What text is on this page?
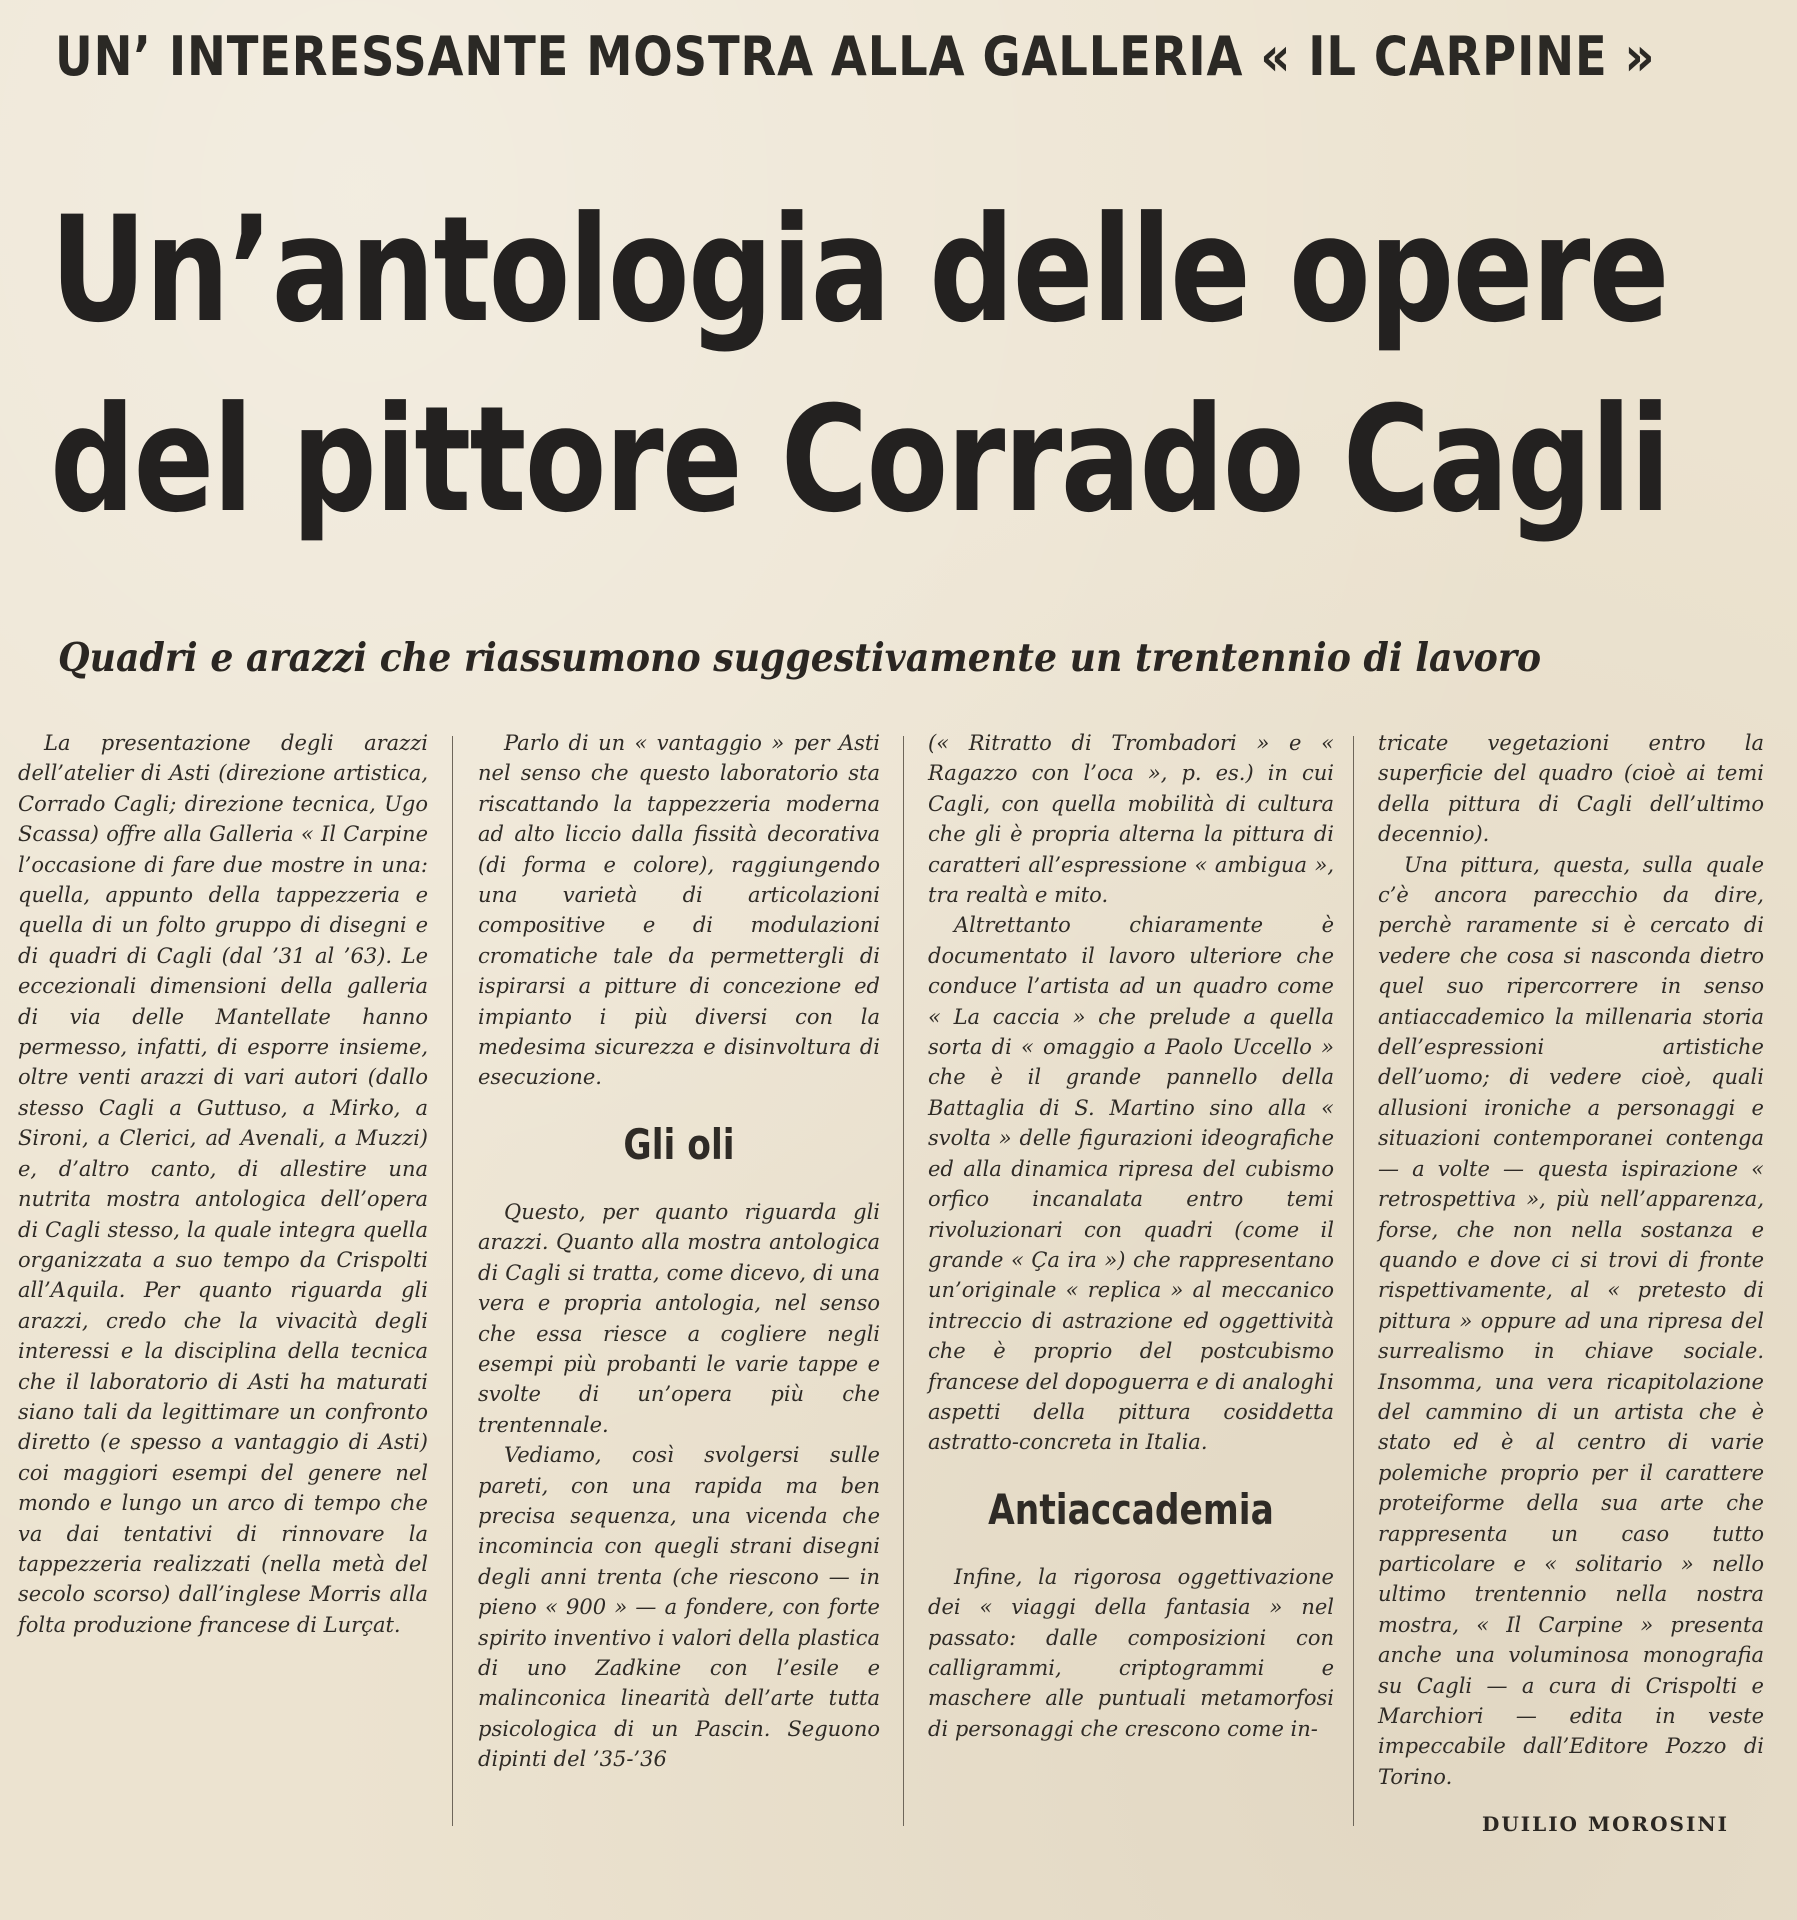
UN’ INTERESSANTE MOSTRA ALLA GALLERIA « IL CARPINE »
Un’antologia delle opere
del pittore Corrado Cagli
Quadri e arazzi che riassumono suggestivamente un trentennio di lavoro

La presentazione degli arazzi dell’atelier di Asti (direzione artistica, Corrado Cagli; direzione tecnica, Ugo Scassa) offre alla Galleria « Il Carpine l’occasione di fare due mostre in una: quella, appunto della tappezzeria e quella di un folto gruppo di disegni e di quadri di Cagli (dal ’31 al ’63). Le eccezionali dimensioni della galleria di via delle Mantellate hanno permesso, infatti, di esporre insieme, oltre venti arazzi di vari autori (dallo stesso Cagli a Guttuso, a Mirko, a Sironi, a Clerici, ad Avenali, a Muzzi) e, d’altro canto, di allestire una nutrita mostra antologica dell’opera di Cagli stesso, la quale integra quella organizzata a suo tempo da Crispolti all’Aquila. Per quanto riguarda gli arazzi, credo che la vivacità degli interessi e la disciplina della tecnica che il laboratorio di Asti ha maturati siano tali da legittimare un confronto diretto (e spesso a vantaggio di Asti) coi maggiori esempi del genere nel mondo e lungo un arco di tempo che va dai tentativi di rinnovare la tappezzeria realizzati (nella metà del secolo scorso) dall’inglese Morris alla folta produzione francese di Lurçat.

Parlo di un « vantaggio » per Asti nel senso che questo laboratorio sta riscattando la tappezzeria moderna ad alto liccio dalla fissità decorativa (di forma e colore), raggiungendo una varietà di articolazioni compositive e di modulazioni cromatiche tale da permettergli di ispirarsi a pitture di concezione ed impianto i più diversi con la medesima sicurezza e disinvoltura di esecuzione.

Gli oli

Questo, per quanto riguarda gli arazzi. Quanto alla mostra antologica di Cagli si tratta, come dicevo, di una vera e propria antologia, nel senso che essa riesce a cogliere negli esempi più probanti le varie tappe e svolte di un’opera più che trentennale.

Vediamo, così svolgersi sulle pareti, con una rapida ma ben precisa sequenza, una vicenda che incomincia con quegli strani disegni degli anni trenta (che riescono — in pieno « 900 » — a fondere, con forte spirito inventivo i valori della plastica di uno Zadkine con l’esile e malinconica linearità dell’arte tutta psicologica di un Pascin. Seguono dipinti del ’35-’36

(« Ritratto di Trombadori » e « Ragazzo con l’oca », p. es.) in cui Cagli, con quella mobilità di cultura che gli è propria alterna la pittura di caratteri all’espressione « ambigua », tra realtà e mito.

Altrettanto chiaramente è documentato il lavoro ulteriore che conduce l’artista ad un quadro come « La caccia » che prelude a quella sorta di « omaggio a Paolo Uccello » che è il grande pannello della Battaglia di S. Martino sino alla « svolta » delle figurazioni ideografiche ed alla dinamica ripresa del cubismo orfico incanalata entro temi rivoluzionari con quadri (come il grande « Ça ira ») che rappresentano un’originale « replica » al meccanico intreccio di astrazione ed oggettività che è proprio del postcubismo francese del dopoguerra e di analoghi aspetti della pittura cosiddetta astratto-concreta in Italia.

Antiaccademia

Infine, la rigorosa oggettivazione dei « viaggi della fantasia » nel passato: dalle composizioni con calligrammi, criptogrammi e maschere alle puntuali metamorfosi di personaggi che crescono come in-

tricate vegetazioni entro la superficie del quadro (cioè ai temi della pittura di Cagli dell’ultimo decennio).

Una pittura, questa, sulla quale c’è ancora parecchio da dire, perchè raramente si è cercato di vedere che cosa si nasconda dietro quel suo ripercorrere in senso antiaccademico la millenaria storia dell’espressioni artistiche dell’uomo; di vedere cioè, quali allusioni ironiche a personaggi e situazioni contemporanei contenga — a volte — questa ispirazione « retrospettiva », più nell’apparenza, forse, che non nella sostanza e quando e dove ci si trovi di fronte rispettivamente, al « pretesto di pittura » oppure ad una ripresa del surrealismo in chiave sociale. Insomma, una vera ricapitolazione del cammino di un artista che è stato ed è al centro di varie polemiche proprio per il carattere proteiforme della sua arte che rappresenta un caso tutto particolare e « solitario » nello ultimo trentennio nella nostra mostra, « Il Carpine » presenta anche una voluminosa monografia su Cagli — a cura di Crispolti e Marchiori — edita in veste impeccabile dall’Editore Pozzo di Torino.

DUILIO MOROSINI
